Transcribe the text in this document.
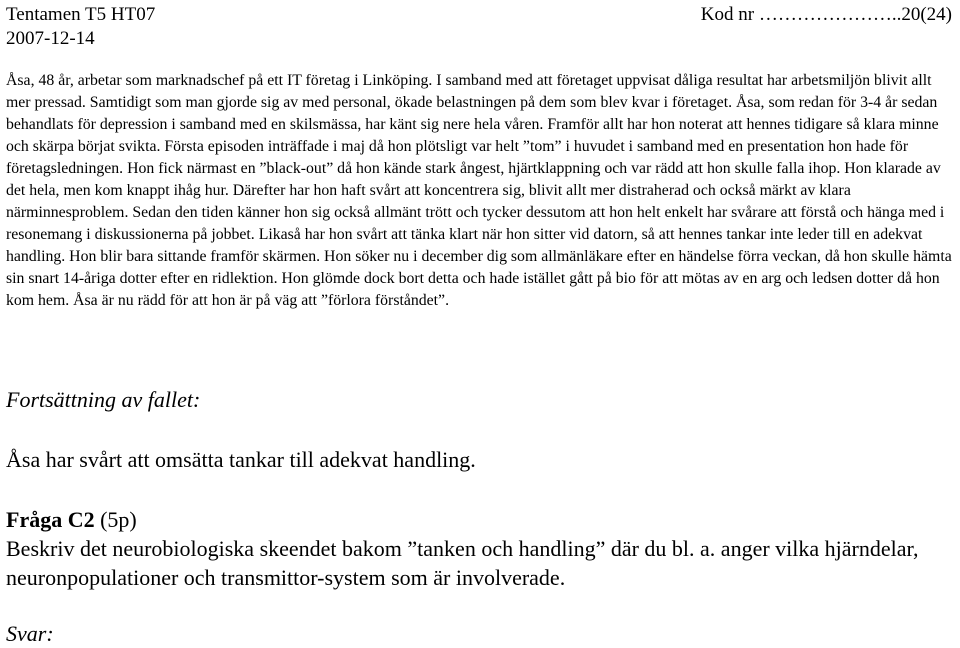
Tentamen T5 HT07
2007-12-14
Kod nr …………………..20(24)

Åsa, 48 år, arbetar som marknadschef på ett IT företag i Linköping. I samband med att företaget uppvisat dåliga resultat har arbetsmiljön blivit allt mer pressad. Samtidigt som man gjorde sig av med personal, ökade belastningen på dem som blev kvar i företaget. Åsa, som redan för 3-4 år sedan behandlats för depression i samband med en skilsmässa, har känt sig nere hela våren. Framför allt har hon noterat att hennes tidigare så klara minne och skärpa börjat svikta. Första episoden inträffade i maj då hon plötsligt var helt ”tom” i huvudet i samband med en presentation hon hade för företagsledningen. Hon fick närmast en ”black-out” då hon kände stark ångest, hjärtklappning och var rädd att hon skulle falla ihop. Hon klarade av det hela, men kom knappt ihåg hur. Därefter har hon haft svårt att koncentrera sig, blivit allt mer distraherad och också märkt av klara närminnesproblem. Sedan den tiden känner hon sig också allmänt trött och tycker dessutom att hon helt enkelt har svårare att förstå och hänga med i resonemang i diskussionerna på jobbet. Likaså har hon svårt att tänka klart när hon sitter vid datorn, så att hennes tankar inte leder till en adekvat handling. Hon blir bara sittande framför skärmen. Hon söker nu i december dig som allmänläkare efter en händelse förra veckan, då hon skulle hämta sin snart 14-åriga dotter efter en ridlektion. Hon glömde dock bort detta och hade istället gått på bio för att mötas av en arg och ledsen dotter då hon kom hem. Åsa är nu rädd för att hon är på väg att ”förlora förståndet”.

Fortsättning av fallet:

Åsa har svårt att omsätta tankar till adekvat handling.

Fråga C2 (5p)
Beskriv det neurobiologiska skeendet bakom ”tanken och handling” där du bl. a. anger vilka hjärndelar, neuronpopulationer och transmittor-system som är involverade.

Svar:
